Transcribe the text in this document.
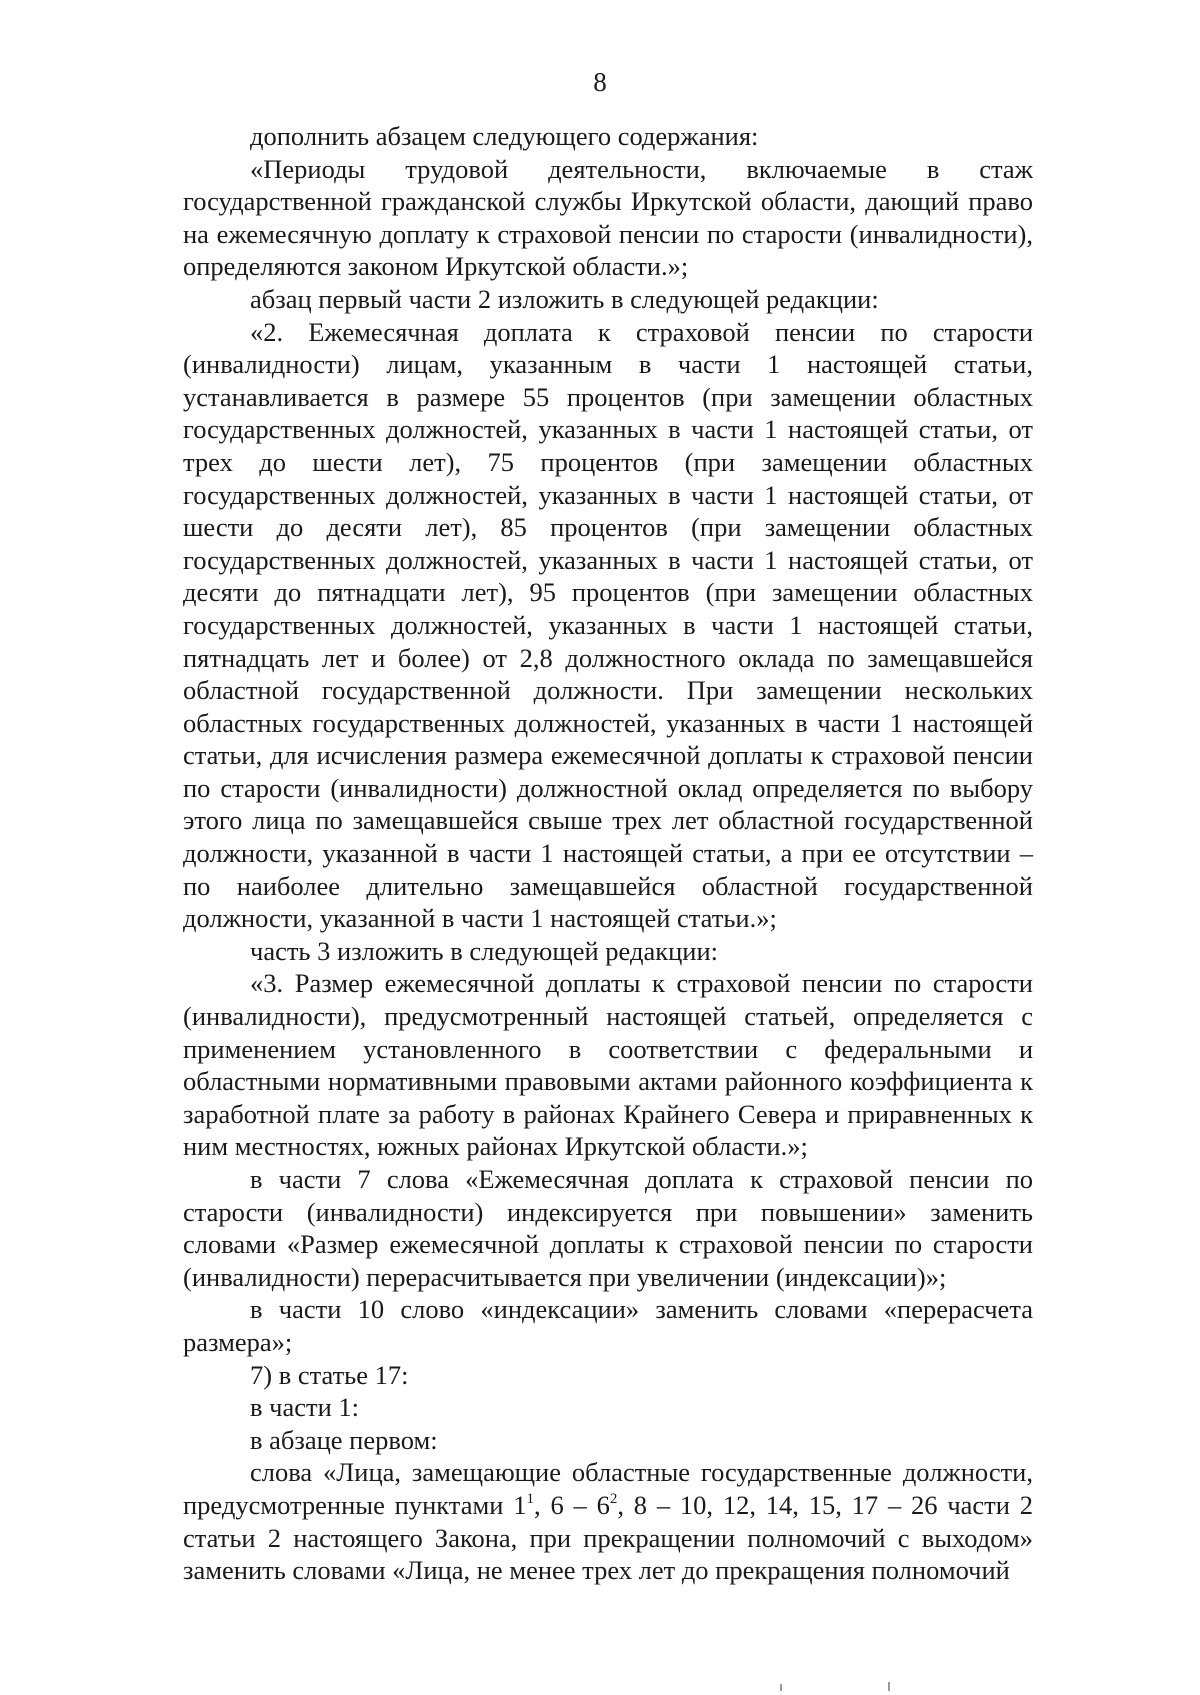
8

дополнить абзацем следующего содержания:

«Периоды трудовой деятельности, включаемые в стаж государственной гражданской службы Иркутской области, дающий право на ежемесячную доплату к страховой пенсии по старости (инвалидности), определяются законом Иркутской области.»;

абзац первый части 2 изложить в следующей редакции:

«2. Ежемесячная доплата к страховой пенсии по старости (инвалидности) лицам, указанным в части 1 настоящей статьи, устанавливается в размере 55 процентов (при замещении областных государственных должностей, указанных в части 1 настоящей статьи, от трех до шести лет), 75 процентов (при замещении областных государственных должностей, указанных в части 1 настоящей статьи, от шести до десяти лет), 85 процентов (при замещении областных государственных должностей, указанных в части 1 настоящей статьи, от десяти до пятнадцати лет), 95 процентов (при замещении областных государственных должностей, указанных в части 1 настоящей статьи, пятнадцать лет и более) от 2,8 должностного оклада по замещавшейся областной государственной должности. При замещении нескольких областных государственных должностей, указанных в части 1 настоящей статьи, для исчисления размера ежемесячной доплаты к страховой пенсии по старости (инвалидности) должностной оклад определяется по выбору этого лица по замещавшейся свыше трех лет областной государственной должности, указанной в части 1 настоящей статьи, а при ее отсутствии – по наиболее длительно замещавшейся областной государственной должности, указанной в части 1 настоящей статьи.»;

часть 3 изложить в следующей редакции:

«3. Размер ежемесячной доплаты к страховой пенсии по старости (инвалидности), предусмотренный настоящей статьей, определяется с применением установленного в соответствии с федеральными и областными нормативными правовыми актами районного коэффициента к заработной плате за работу в районах Крайнего Севера и приравненных к ним местностях, южных районах Иркутской области.»;

в части 7 слова «Ежемесячная доплата к страховой пенсии по старости (инвалидности) индексируется при повышении» заменить словами «Размер ежемесячной доплаты к страховой пенсии по старости (инвалидности) перерасчитывается при увеличении (индексации)»;

в части 10 слово «индексации» заменить словами «перерасчета размера»;

7) в статье 17:

в части 1:

в абзаце первом:

слова «Лица, замещающие областные государственные должности, предусмотренные пунктами $1^1$, $6 - 6^2$, 8 – 10, 12, 14, 15, 17 – 26 части 2 статьи 2 настоящего Закона, при прекращении полномочий с выходом» заменить словами «Лица, не менее трех лет до прекращения полномочий
